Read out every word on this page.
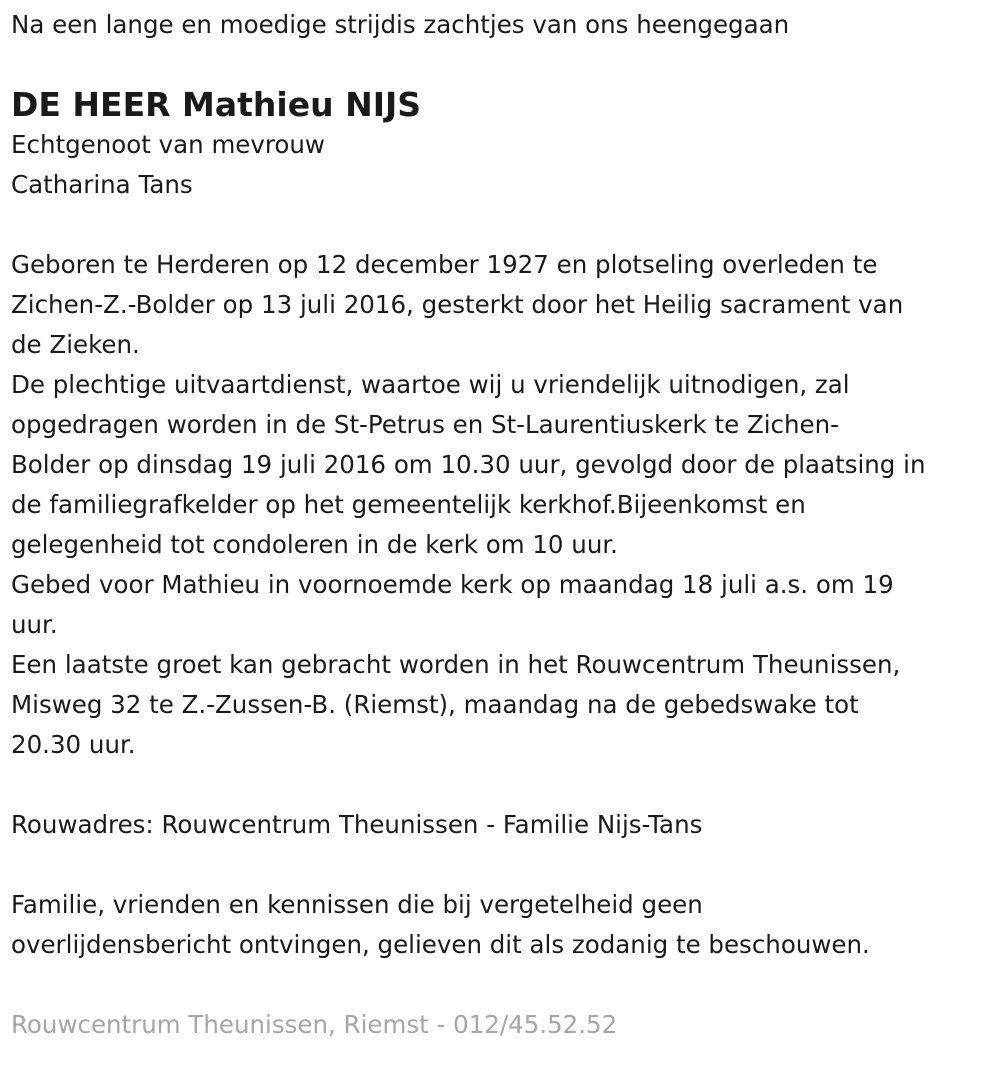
Na een lange en moedige strijdis zachtjes van ons heengegaan
DE HEER Mathieu NIJS
Echtgenoot van mevrouw
Catharina Tans
Geboren te Herderen op 12 december 1927 en plotseling overleden te
Zichen-Z.-Bolder op 13 juli 2016, gesterkt door het Heilig sacrament van
de Zieken.
De plechtige uitvaartdienst, waartoe wij u vriendelijk uitnodigen, zal
opgedragen worden in de St-Petrus en St-Laurentiuskerk te Zichen-
Bolder op dinsdag 19 juli 2016 om 10.30 uur, gevolgd door de plaatsing in
de familiegrafkelder op het gemeentelijk kerkhof.Bijeenkomst en
gelegenheid tot condoleren in de kerk om 10 uur.
Gebed voor Mathieu in voornoemde kerk op maandag 18 juli a.s. om 19
uur.
Een laatste groet kan gebracht worden in het Rouwcentrum Theunissen,
Misweg 32 te Z.-Zussen-B. (Riemst), maandag na de gebedswake tot
20.30 uur.
Rouwadres: Rouwcentrum Theunissen - Familie Nijs-Tans
Familie, vrienden en kennissen die bij vergetelheid geen
overlijdensbericht ontvingen, gelieven dit als zodanig te beschouwen.
Rouwcentrum Theunissen, Riemst - 012/45.52.52
